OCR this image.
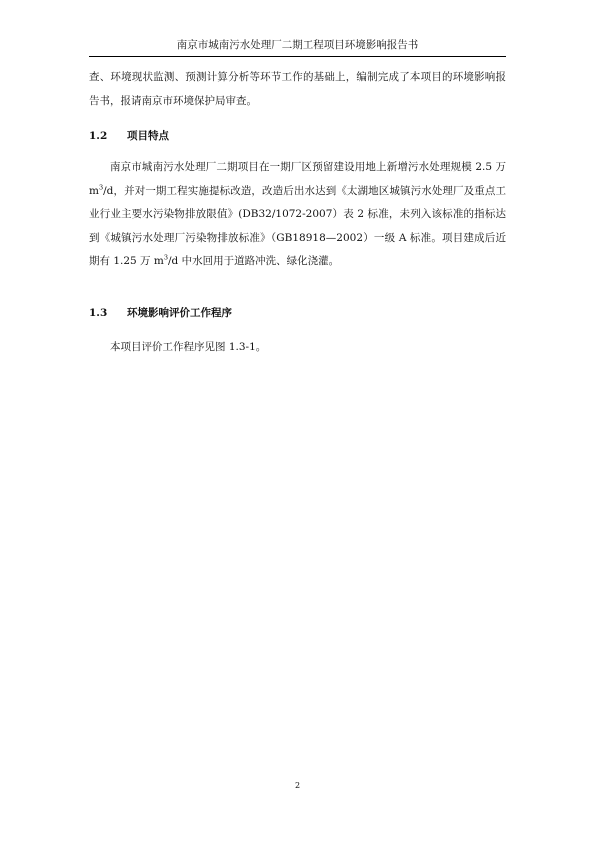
南京市城南污水处理厂二期工程项目环境影响报告书

查、环境现状监测、预测计算分析等环节工作的基础上，编制完成了本项目的环境影响报告书，报请南京市环境保护局审查。

1.2 项目特点

南京市城南污水处理厂二期项目在一期厂区预留建设用地上新增污水处理规模 2.5 万 $m^3/d$，并对一期工程实施提标改造，改造后出水达到《太湖地区城镇污水处理厂及重点工业行业主要水污染物排放限值》(DB32/1072-2007）表 2 标准，未列入该标准的指标达到《城镇污水处理厂污染物排放标准》（GB18918—2002）一级 A 标准。项目建成后近期有 1.25 万 $m^3/d$ 中水回用于道路冲洗、绿化浇灌。

1.3 环境影响评价工作程序

本项目评价工作程序见图 1.3-1。

2
